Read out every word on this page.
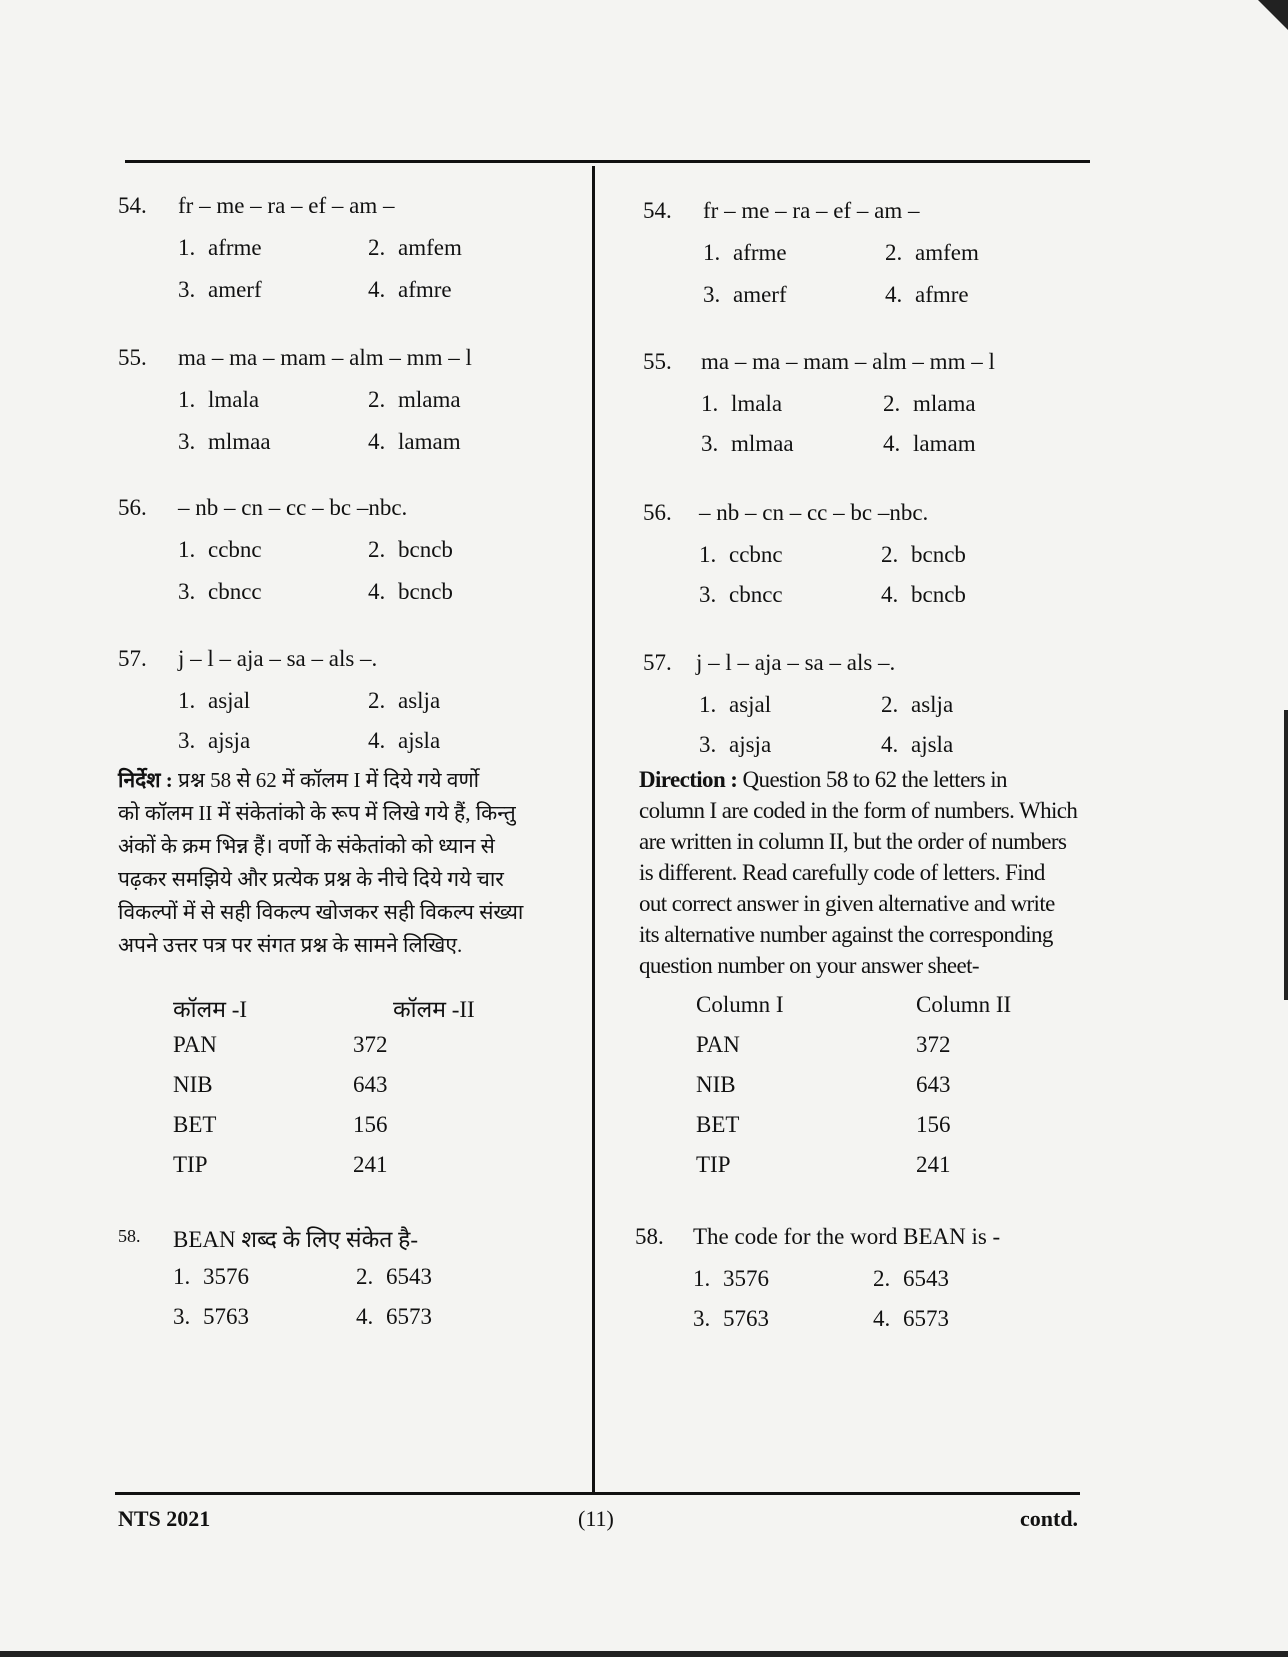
54. fr – me – ra – ef – am –
1. afrme	2. amfem
3. amerf	4. afmre
55. ma – ma – mam – alm – mm – l
1. lmala	2. mlama
3. mlmaa	4. lamam
56. – nb – cn – cc – bc –nbc.
1. ccbnc	2. bcncb
3. cbncc	4. bcncb
57. j – l – aja – sa – als –.
1. asjal	2. aslja
3. ajsja	4. ajsla
निर्देश : प्रश्न 58 से 62 में कॉलम I में दिये गये वर्णो
को कॉलम II में संकेतांको के रूप में लिखे गये हैं, किन्तु
अंकों के क्रम भिन्न हैं। वर्णो के संकेतांको को ध्यान से
पढ़कर समझिये और प्रत्येक प्रश्न के नीचे दिये गये चार
विकल्पों में से सही विकल्प खोजकर सही विकल्प संख्या
अपने उत्तर पत्र पर संगत प्रश्न के सामने लिखिए.
कॉलम -I	कॉलम -II
PAN	372
NIB	643
BET	156
TIP	241
58. BEAN शब्द के लिए संकेत है-
1. 3576	2. 6543
3. 5763	4. 6573
54. fr – me – ra – ef – am –
1. afrme	2. amfem
3. amerf	4. afmre
55. ma – ma – mam – alm – mm – l
1. lmala	2. mlama
3. mlmaa	4. lamam
56. – nb – cn – cc – bc –nbc.
1. ccbnc	2. bcncb
3. cbncc	4. bcncb
57. j – l – aja – sa – als –.
1. asjal	2. aslja
3. ajsja	4. ajsla
Direction : Question 58 to 62 the letters in
column I are coded in the form of numbers. Which
are written in column II, but the order of numbers
is different. Read carefully code of letters. Find
out correct answer in given alternative and write
its alternative number against the corresponding
question number on your answer sheet-
Column I	Column II
PAN	372
NIB	643
BET	156
TIP	241
58. The code for the word BEAN is -
1. 3576	2. 6543
3. 5763	4. 6573
NTS 2021	(11)	contd.
